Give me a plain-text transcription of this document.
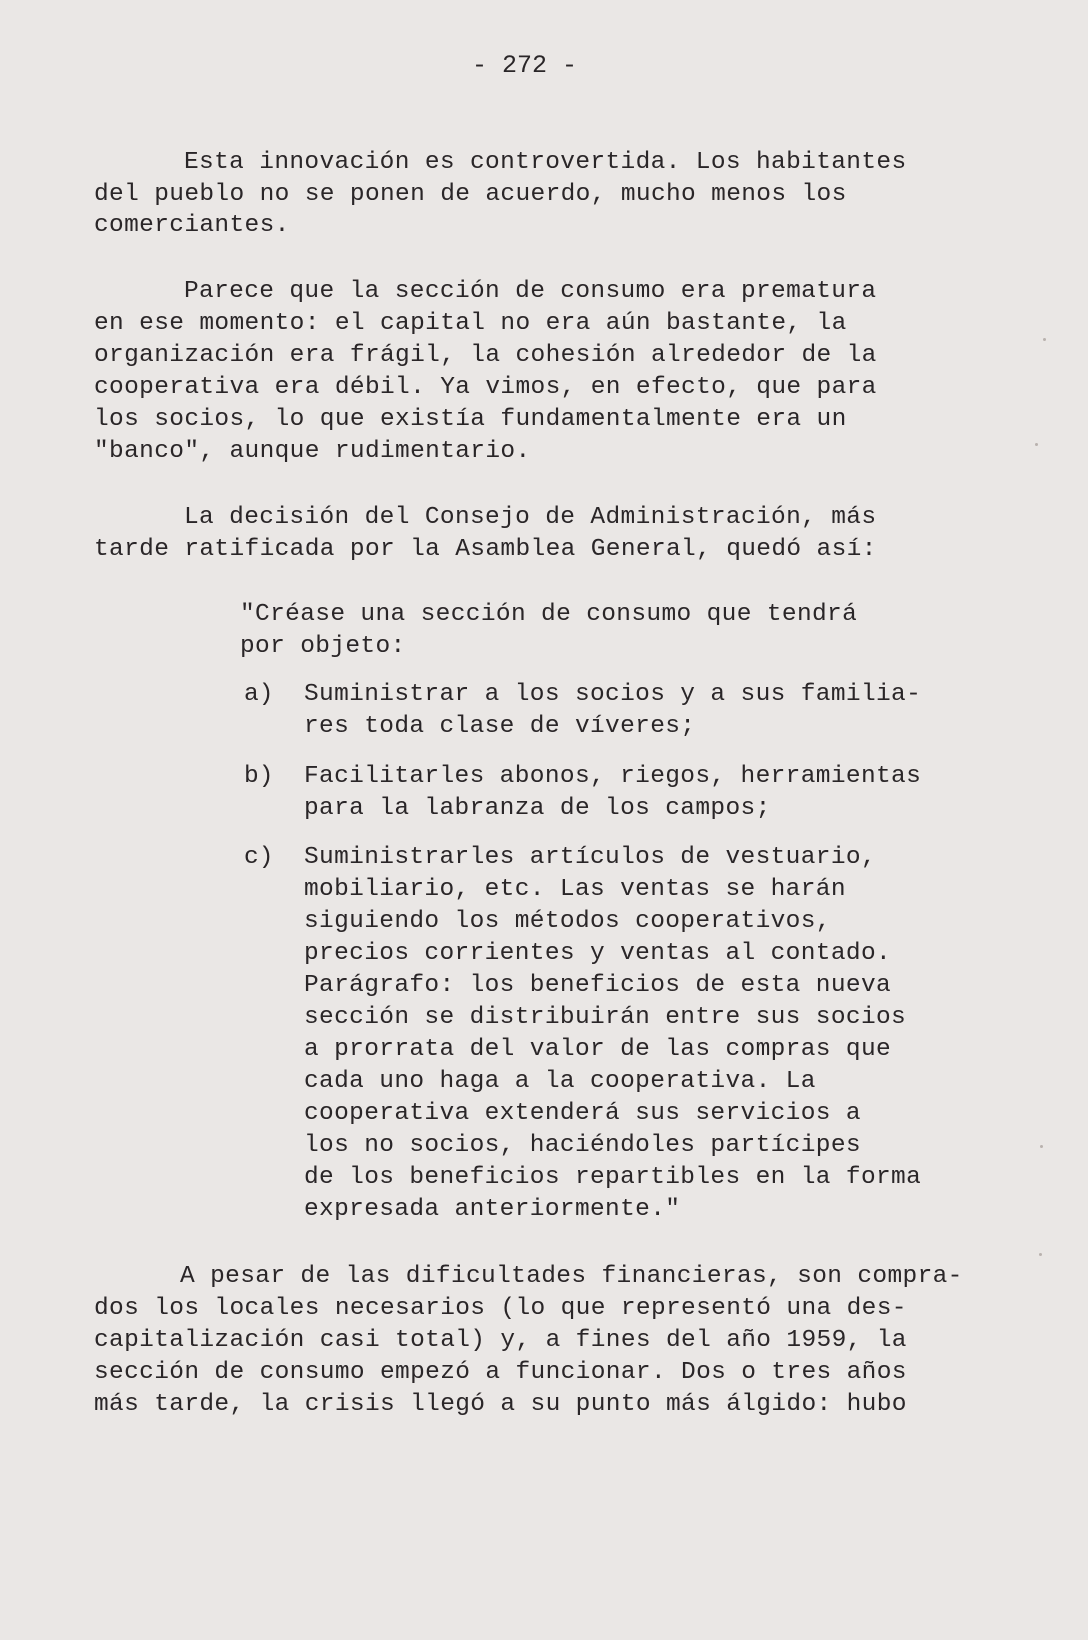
- 272 -
Esta innovación es controvertida. Los habitantes
del pueblo no se ponen de acuerdo, mucho menos los
comerciantes.
Parece que la sección de consumo era prematura
en ese momento: el capital no era aún bastante, la
organización era frágil, la cohesión alrededor de la
cooperativa era débil. Ya vimos, en efecto, que para
los socios, lo que existía fundamentalmente era un
"banco", aunque rudimentario.
La decisión del Consejo de Administración, más
tarde ratificada por la Asamblea General, quedó así:
"Créase una sección de consumo que tendrá
por objeto:
a) Suministrar a los socios y a sus familia-
res toda clase de víveres;
b) Facilitarles abonos, riegos, herramientas
para la labranza de los campos;
c) Suministrarles artículos de vestuario,
mobiliario, etc. Las ventas se harán
siguiendo los métodos cooperativos,
precios corrientes y ventas al contado.
Parágrafo: los beneficios de esta nueva
sección se distribuirán entre sus socios
a prorrata del valor de las compras que
cada uno haga a la cooperativa. La
cooperativa extenderá sus servicios a
los no socios, haciéndoles partícipes
de los beneficios repartibles en la forma
expresada anteriormente."
A pesar de las dificultades financieras, son compra-
dos los locales necesarios (lo que representó una des-
capitalización casi total) y, a fines del año 1959, la
sección de consumo empezó a funcionar. Dos o tres años
más tarde, la crisis llegó a su punto más álgido: hubo
